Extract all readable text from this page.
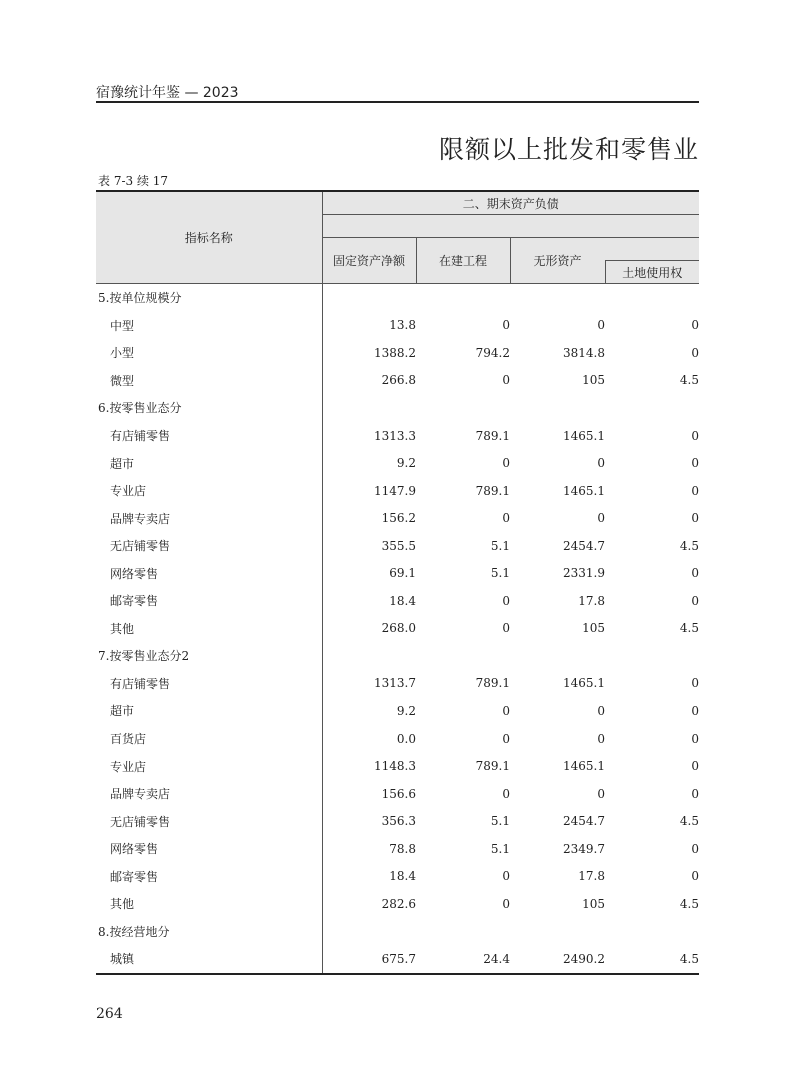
宿豫统计年鉴 — 2023
限额以上批发和零售业
表 7-3 续 17
指标名称	二、期末资产负债			

	固定资产净额	在建工程	无形资产	
				土地使用权
5.按单位规模分				
中型	13.8	0	0	0
小型	1388.2	794.2	3814.8	0
微型	266.8	0	105	4.5
6.按零售业态分				
有店铺零售	1313.3	789.1	1465.1	0
超市	9.2	0	0	0
专业店	1147.9	789.1	1465.1	0
品牌专卖店	156.2	0	0	0
无店铺零售	355.5	5.1	2454.7	4.5
网络零售	69.1	5.1	2331.9	0
邮寄零售	18.4	0	17.8	0
其他	268.0	0	105	4.5
7.按零售业态分2				
有店铺零售	1313.7	789.1	1465.1	0
超市	9.2	0	0	0
百货店	0.0	0	0	0
专业店	1148.3	789.1	1465.1	0
品牌专卖店	156.6	0	0	0
无店铺零售	356.3	5.1	2454.7	4.5
网络零售	78.8	5.1	2349.7	0
邮寄零售	18.4	0	17.8	0
其他	282.6	0	105	4.5
8.按经营地分				
城镇	675.7	24.4	2490.2	4.5
264
